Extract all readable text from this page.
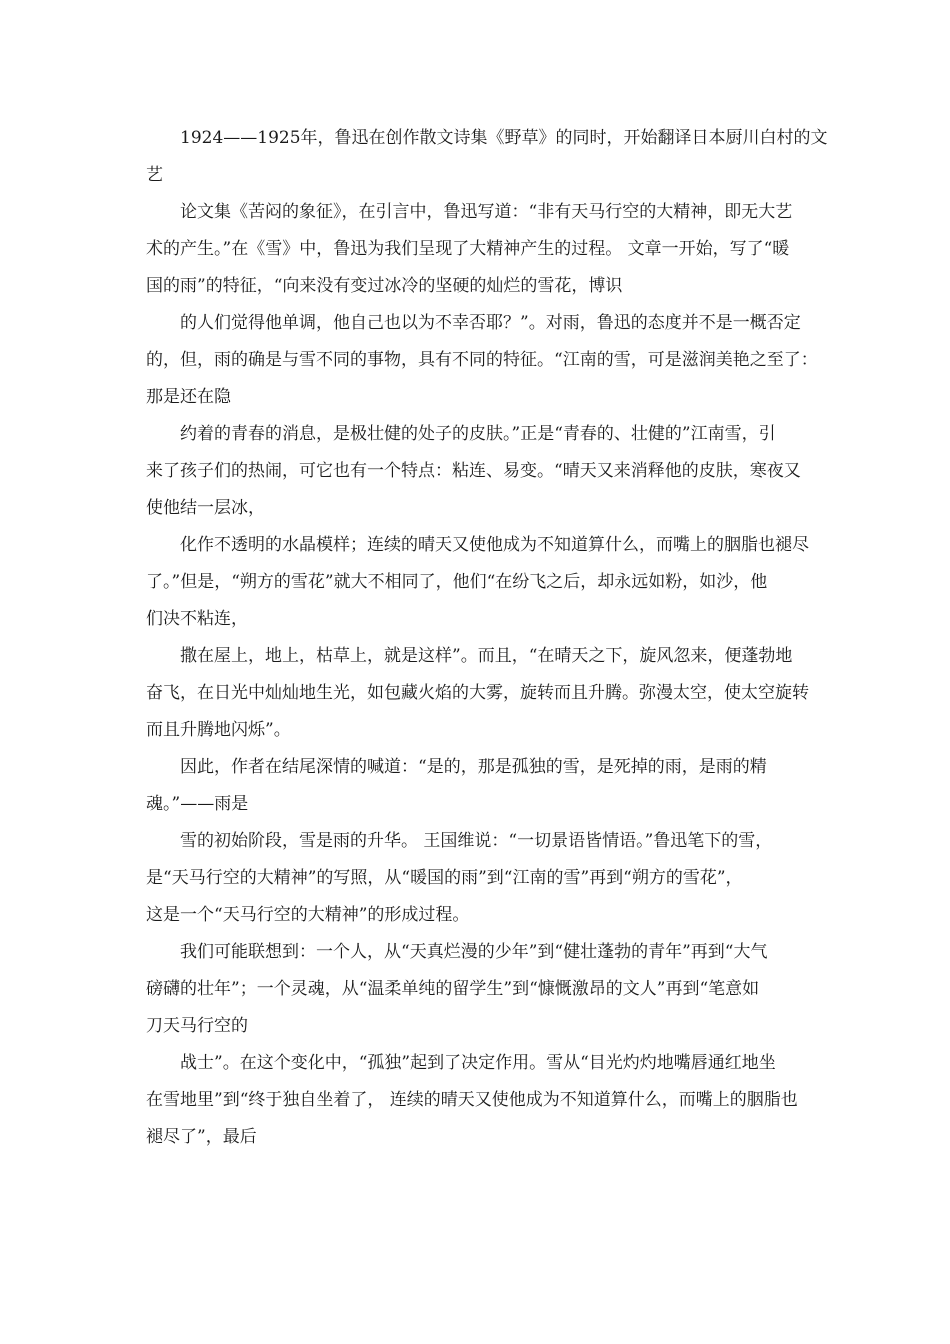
1924——1925年，鲁迅在创作散文诗集《野草》的同时，开始翻译日本厨川白村的文
艺
论文集《苦闷的象征》，在引言中，鲁迅写道：“非有天马行空的大精神，即无大艺
术的产生。”在《雪》中，鲁迅为我们呈现了大精神产生的过程。 文章一开始，写了“暖
国的雨”的特征，“向来没有变过冰冷的坚硬的灿烂的雪花，博识
的人们觉得他单调，他自己也以为不幸否耶？”。对雨，鲁迅的态度并不是一概否定
的，但，雨的确是与雪不同的事物，具有不同的特征。“江南的雪，可是滋润美艳之至了：
那是还在隐
约着的青春的消息，是极壮健的处子的皮肤。”正是“青春的、壮健的”江南雪，引
来了孩子们的热闹，可它也有一个特点：粘连、易变。“晴天又来消释他的皮肤，寒夜又
使他结一层冰，
化作不透明的水晶模样；连续的晴天又使他成为不知道算什么，而嘴上的胭脂也褪尽
了。”但是，“朔方的雪花”就大不相同了，他们“在纷飞之后，却永远如粉，如沙，他
们决不粘连，
撒在屋上，地上，枯草上，就是这样”。而且，“在晴天之下，旋风忽来，便蓬勃地
奋飞，在日光中灿灿地生光，如包藏火焰的大雾，旋转而且升腾。弥漫太空，使太空旋转
而且升腾地闪烁”。
因此，作者在结尾深情的喊道：“是的，那是孤独的雪，是死掉的雨，是雨的精
魂。”——雨是
雪的初始阶段，雪是雨的升华。 王国维说：“一切景语皆情语。”鲁迅笔下的雪，
是“天马行空的大精神”的写照，从“暖国的雨”到“江南的雪”再到“朔方的雪花”，
这是一个“天马行空的大精神”的形成过程。
我们可能联想到：一个人，从“天真烂漫的少年”到“健壮蓬勃的青年”再到“大气
磅礴的壮年”；一个灵魂，从“温柔单纯的留学生”到“慷慨激昂的文人”再到“笔意如
刀天马行空的
战士”。在这个变化中，“孤独”起到了决定作用。雪从“目光灼灼地嘴唇通红地坐
在雪地里”到“终于独自坐着了， 连续的晴天又使他成为不知道算什么，而嘴上的胭脂也
褪尽了”，最后
